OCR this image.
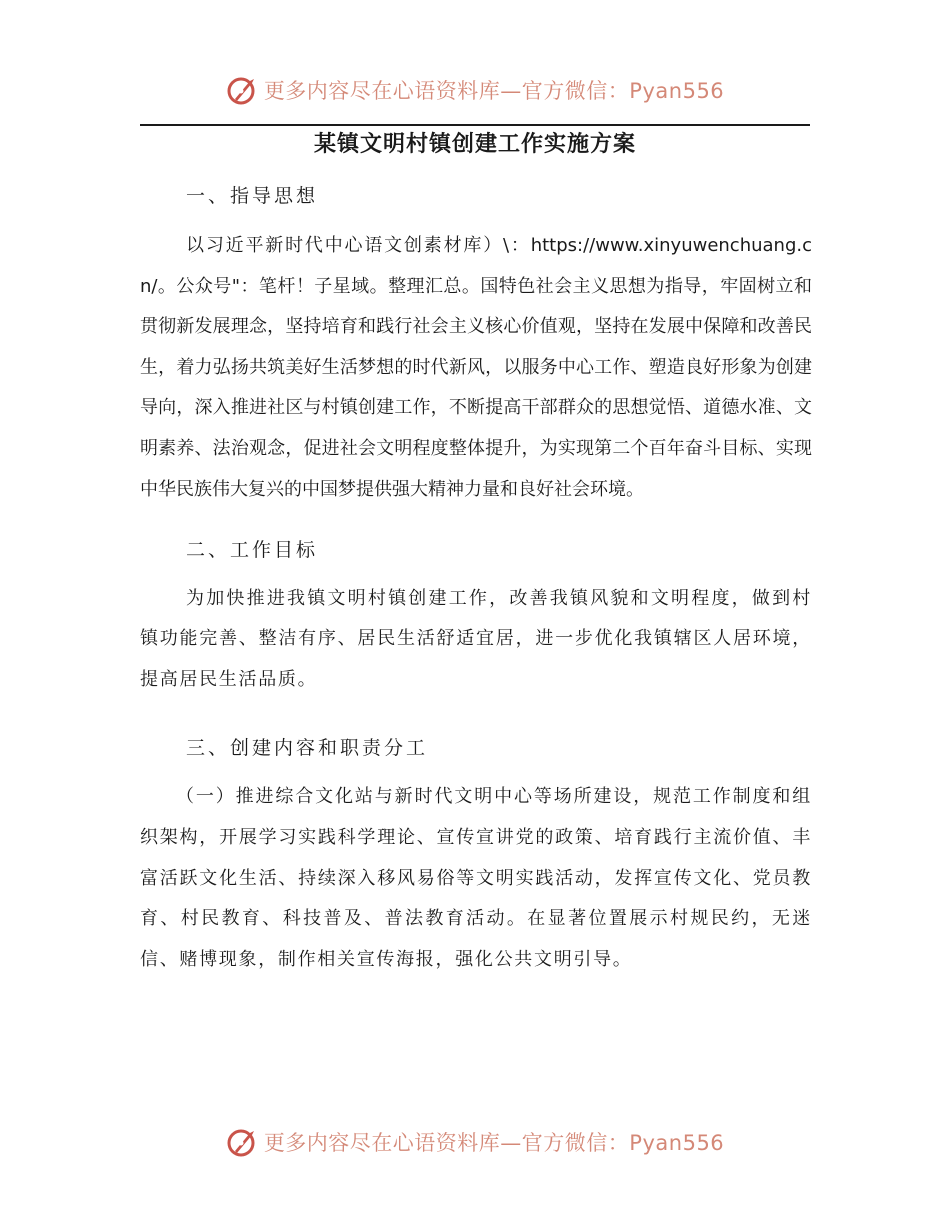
更多内容尽在心语资料库—官方微信：Pyan556
某镇文明村镇创建工作实施方案
一、指导思想
以习近平新时代中心语文创素材库）\：https://www.xinyuwenchuang.cn/。公众号"：笔杆！子星域。整理汇总。国特色社会主义思想为指导，牢固树立和贯彻新发展理念，坚持培育和践行社会主义核心价值观，坚持在发展中保障和改善民生，着力弘扬共筑美好生活梦想的时代新风，以服务中心工作、塑造良好形象为创建导向，深入推进社区与村镇创建工作，不断提高干部群众的思想觉悟、道德水准、文明素养、法治观念，促进社会文明程度整体提升，为实现第二个百年奋斗目标、实现中华民族伟大复兴的中国梦提供强大精神力量和良好社会环境。
二、工作目标
为加快推进我镇文明村镇创建工作，改善我镇风貌和文明程度，做到村镇功能完善、整洁有序、居民生活舒适宜居，进一步优化我镇辖区人居环境，提高居民生活品质。
三、创建内容和职责分工
（一）推进综合文化站与新时代文明中心等场所建设，规范工作制度和组织架构，开展学习实践科学理论、宣传宣讲党的政策、培育践行主流价值、丰富活跃文化生活、持续深入移风易俗等文明实践活动，发挥宣传文化、党员教育、村民教育、科技普及、普法教育活动。在显著位置展示村规民约，无迷信、赌博现象，制作相关宣传海报，强化公共文明引导。
更多内容尽在心语资料库—官方微信：Pyan556
